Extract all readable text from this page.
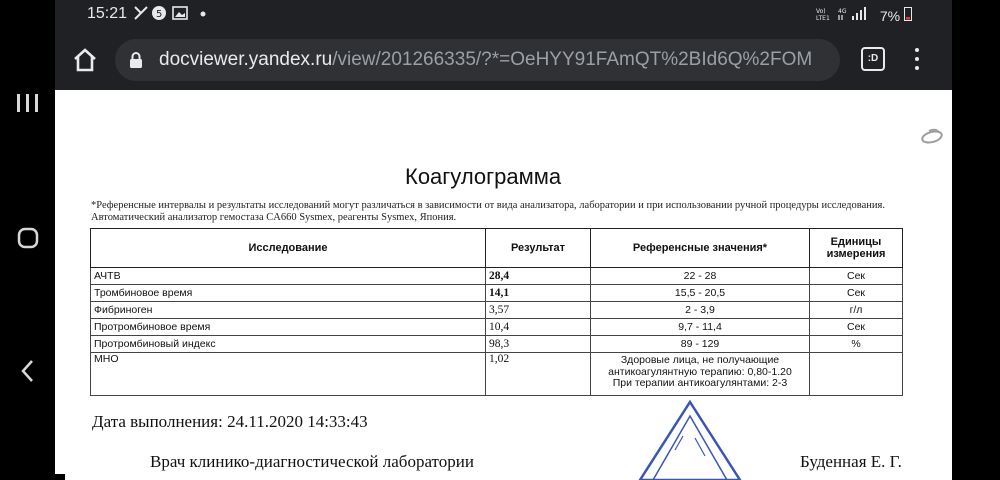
15:21	5	Vo)
LTE1
4G 7%
docviewer.yandex.ru/view/201266335/?*=OeHYY91FAmQT%2BId6Q%2FOM	:D
Коагулограмма
*Референсные интервалы и результаты исследований могут различаться в зависимости от вида анализатора, лаборатории и при использовании ручной процедуры исследования. Автоматический анализатор гемостаза CA660 Sysmex, реагенты Sysmex, Япония.
Исследование	Результат	Референсные значения*	Единицы измерения
АЧТВ	28,4	22 - 28	Сек
Тромбиновое время	14,1	15,5 - 20,5	Сек
Фибриноген	3,57	2 - 3,9	г/л
Протромбиновое время	10,4	9,7 - 11,4	Сек
Протромбиновый индекс	98,3	89 - 129	%
МНО	1,02	Здоровые лица, не получающие
антикоагулянтную терапию: 0,80-1.20
При терапии антикоагулянтами: 2-3	

Дата выполнения: 24.11.2020 14:33:43
Врач клинико-диагностической лаборатории	Буденная Е. Г.
